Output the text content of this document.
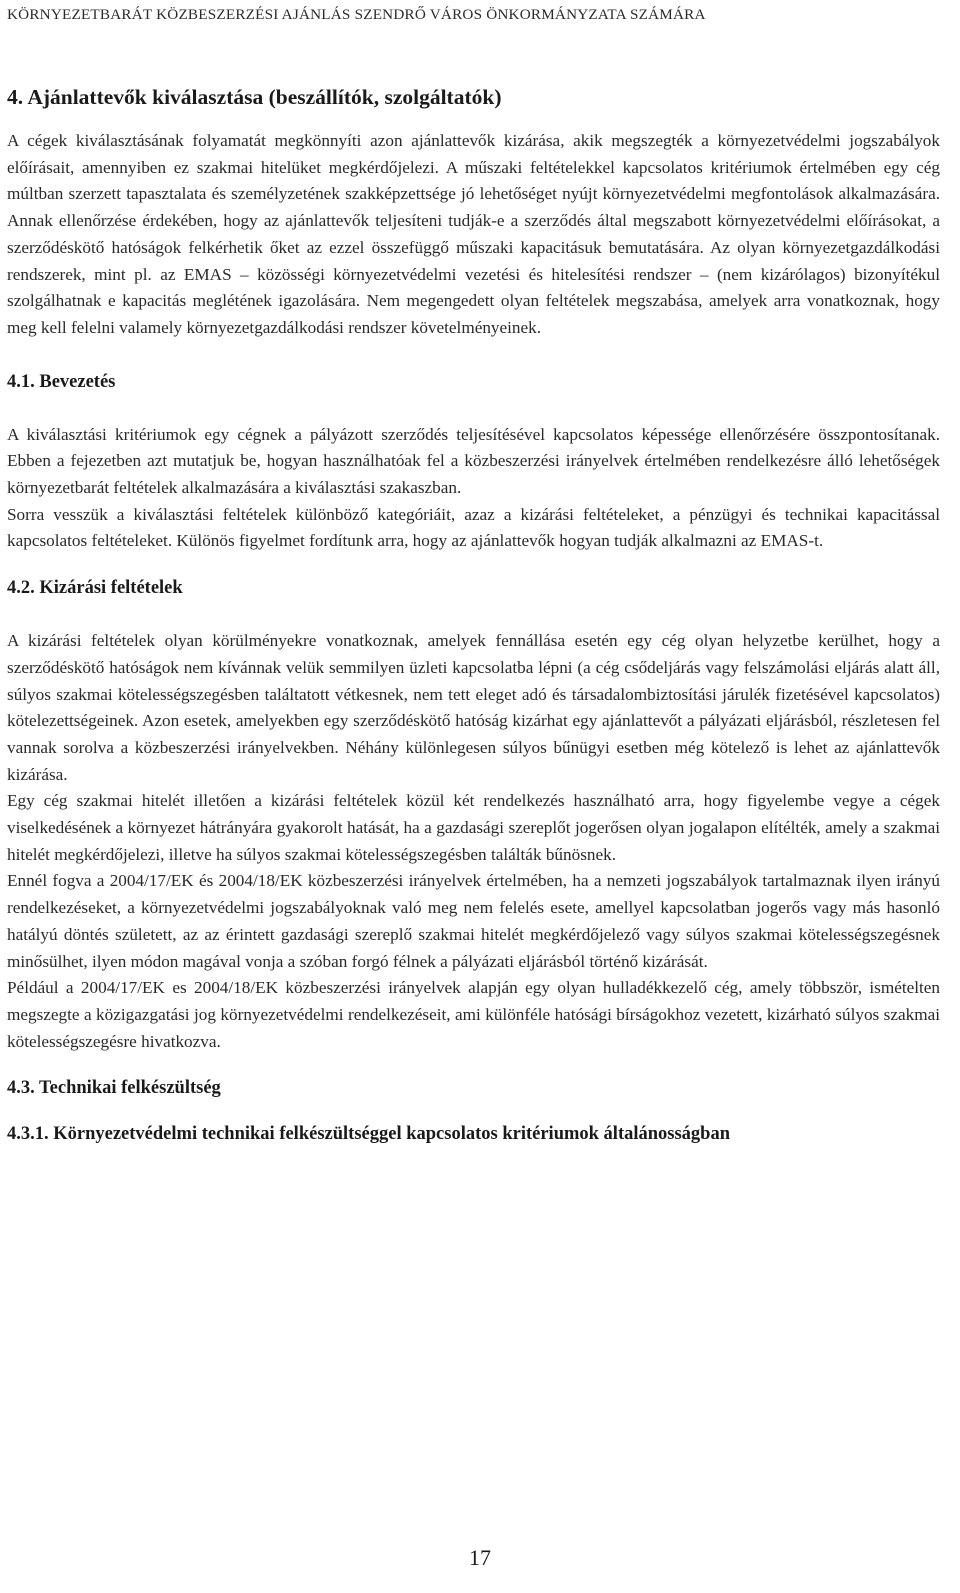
KÖRNYEZETBARÁT KÖZBESZERZÉSI AJÁNLÁS SZENDRŐ VÁROS ÖNKORMÁNYZATA SZÁMÁRA
4. Ajánlattevők kiválasztása (beszállítók, szolgáltatók)

A cégek kiválasztásának folyamatát megkönnyíti azon ajánlattevők kizárása, akik megszegték a környezetvédelmi jogszabályok előírásait, amennyiben ez szakmai hitelüket megkérdőjelezi. A műszaki feltételekkel kapcsolatos kritériumok értelmében egy cég múltban szerzett tapasztalata és személyzetének szakképzettsége jó lehetőséget nyújt környezetvédelmi megfontolások alkalmazására. Annak ellenőrzése érdekében, hogy az ajánlattevők teljesíteni tudják-e a szerződés által megszabott környezetvédelmi előírásokat, a szerződéskötő hatóságok felkérhetik őket az ezzel összefüggő műszaki kapacitásuk bemutatására. Az olyan környezetgazdálkodási rendszerek, mint pl. az EMAS – közösségi környezetvédelmi vezetési és hitelesítési rendszer – (nem kizárólagos) bizonyítékul szolgálhatnak e kapacitás meglétének igazolására. Nem megengedett olyan feltételek megszabása, amelyek arra vonatkoznak, hogy meg kell felelni valamely környezetgazdálkodási rendszer követelményeinek.

4.1. Bevezetés

A kiválasztási kritériumok egy cégnek a pályázott szerződés teljesítésével kapcsolatos képessége ellenőrzésére összpontosítanak. Ebben a fejezetben azt mutatjuk be, hogyan használhatóak fel a közbeszerzési irányelvek értelmében rendelkezésre álló lehetőségek környezetbarát feltételek alkalmazására a kiválasztási szakaszban.

Sorra vesszük a kiválasztási feltételek különböző kategóriáit, azaz a kizárási feltételeket, a pénzügyi és technikai kapacitással kapcsolatos feltételeket. Különös figyelmet fordítunk arra, hogy az ajánlattevők hogyan tudják alkalmazni az EMAS-t.

4.2. Kizárási feltételek

A kizárási feltételek olyan körülményekre vonatkoznak, amelyek fennállása esetén egy cég olyan helyzetbe kerülhet, hogy a szerződéskötő hatóságok nem kívánnak velük semmilyen üzleti kapcsolatba lépni (a cég csődeljárás vagy felszámolási eljárás alatt áll, súlyos szakmai kötelességszegésben találtatott vétkesnek, nem tett eleget adó és társadalombiztosítási járulék fizetésével kapcsolatos) kötelezettségeinek. Azon esetek, amelyekben egy szerződéskötő hatóság kizárhat egy ajánlattevőt a pályázati eljárásból, részletesen fel vannak sorolva a közbeszerzési irányelvekben. Néhány különlegesen súlyos bűnügyi esetben még kötelező is lehet az ajánlattevők kizárása.

Egy cég szakmai hitelét illetően a kizárási feltételek közül két rendelkezés használható arra, hogy figyelembe vegye a cégek viselkedésének a környezet hátrányára gyakorolt hatását, ha a gazdasági szereplőt jogerősen olyan jogalapon elítélték, amely a szakmai hitelét megkérdőjelezi, illetve ha súlyos szakmai kötelességszegésben találták bűnösnek.

Ennél fogva a 2004/17/EK és 2004/18/EK közbeszerzési irányelvek értelmében, ha a nemzeti jogszabályok tartalmaznak ilyen irányú rendelkezéseket, a környezetvédelmi jogszabályoknak való meg nem felelés esete, amellyel kapcsolatban jogerős vagy más hasonló hatályú döntés született, az az érintett gazdasági szereplő szakmai hitelét megkérdőjelező vagy súlyos szakmai kötelességszegésnek minősülhet, ilyen módon magával vonja a szóban forgó félnek a pályázati eljárásból történő kizárását.

Például a 2004/17/EK es 2004/18/EK közbeszerzési irányelvek alapján egy olyan hulladékkezelő cég, amely többször, ismételten megszegte a közigazgatási jog környezetvédelmi rendelkezéseit, ami különféle hatósági bírságokhoz vezetett, kizárható súlyos szakmai kötelességszegésre hivatkozva.

4.3. Technikai felkészültség
4.3.1. Környezetvédelmi technikai felkészültséggel kapcsolatos kritériumok általánosságban
17
